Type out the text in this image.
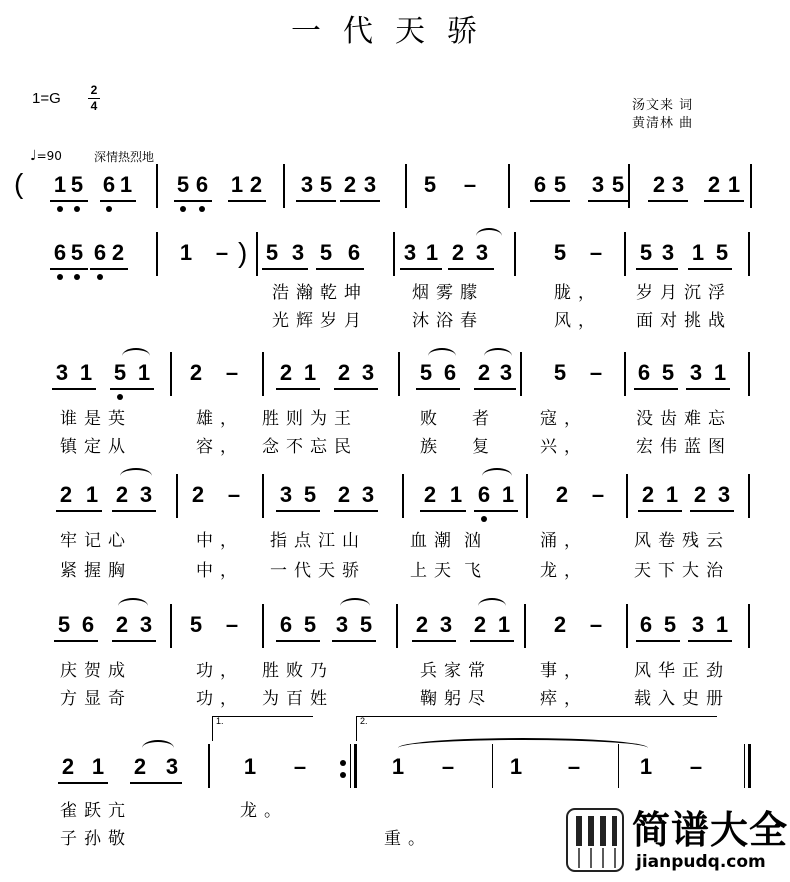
一代天骄
1=G 2
4	汤文来 词
黄清林 曲
♩=90	深情热烈地
( 1 5 6 1 5 6 1 2 3 5 2 3 5 –	6 5 3 5 2 3 2 1
6 5 6 2	1 – 5 3 5 6 3 1 2 3	5 – 5 3 1 5
)
浩瀚乾坤	烟雾朦	胧， 岁月沉浮
光辉岁月	沐浴春	风， 面对挑战
3 1 5 1 2 – 2 1 2 3 5 6 2 3 5 – 6 5 3 1
谁是英	雄， 胜则为王	败 者	寇，	没齿难忘
镇定从	容， 念不忘民	族 复	兴，	宏伟蓝图
2 1 2 3 2 – 3 5 2 3 2 1 6 1 2 – 2 1 2 3
牢记心	中， 指点江山	血潮 汹	涌，	风卷残云
紧握胸	中， 一代天骄	上天 飞	龙，	天下大治
5 6 2 3 5 – 6 5 3 5 2 3 2 1 2 – 6 5 3 1
庆贺成	功， 胜败乃	兵家常	事，	风华正劲
方显奇	功， 为百姓	鞠躬尽	瘁，	载入史册
2 1 2 3	1 –	1 –	1 –	1 –
1.	2.
雀跃亢	龙。
子孙敬	重。	简谱大全
jianpudq.com
